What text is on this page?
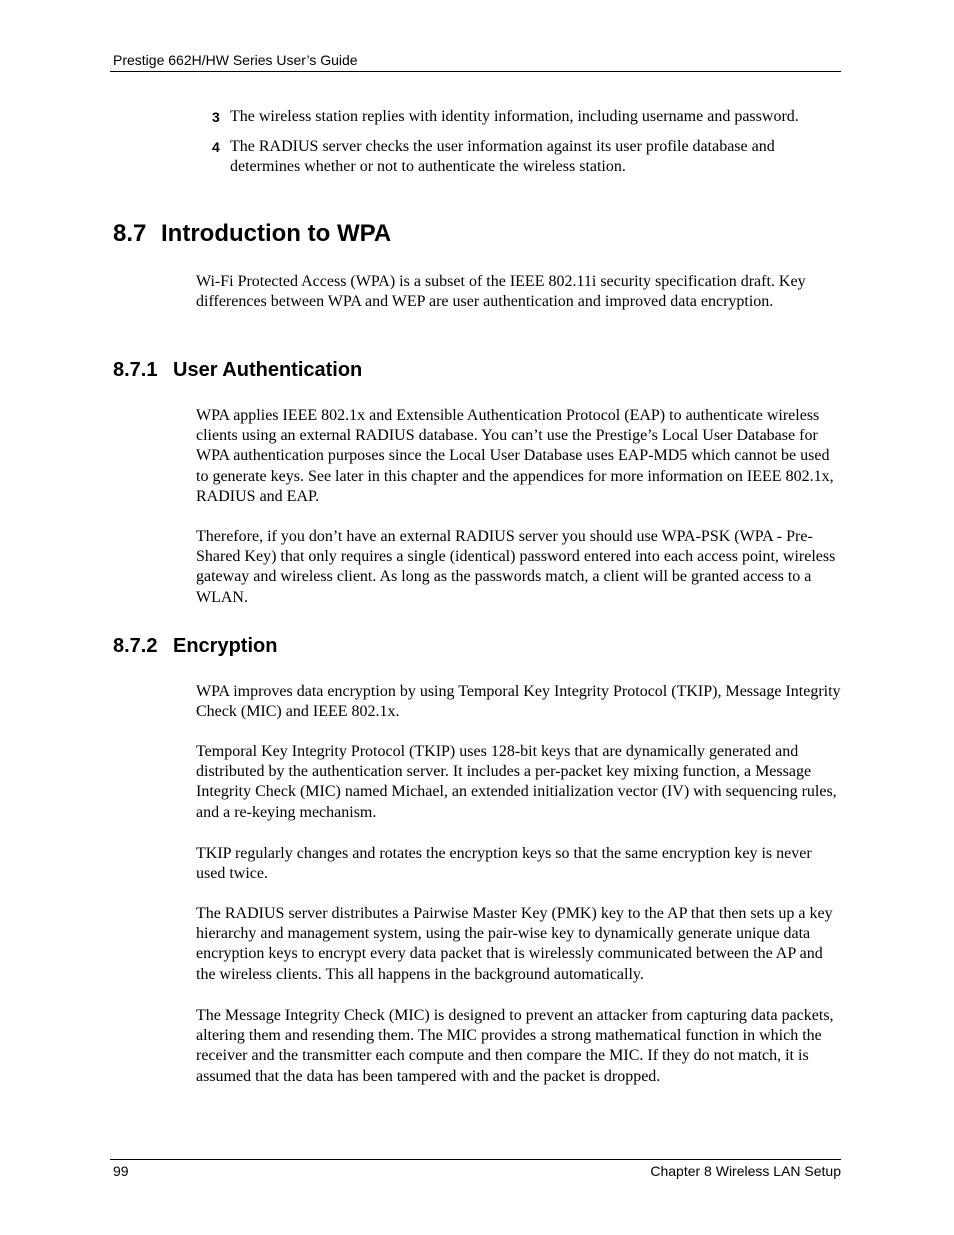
Prestige 662H/HW Series User’s Guide
3 The wireless station replies with identity information, including username and password.
4 The RADIUS server checks the user information against its user profile database and determines whether or not to authenticate the wireless station.
8.7 Introduction to WPA
Wi-Fi Protected Access (WPA) is a subset of the IEEE 802.11i security specification draft. Key differences between WPA and WEP are user authentication and improved data encryption.
8.7.1 User Authentication
WPA applies IEEE 802.1x and Extensible Authentication Protocol (EAP) to authenticate wireless clients using an external RADIUS database. You can’t use the Prestige’s Local User Database for WPA authentication purposes since the Local User Database uses EAP-MD5 which cannot be used to generate keys. See later in this chapter and the appendices for more information on IEEE 802.1x, RADIUS and EAP.
Therefore, if you don’t have an external RADIUS server you should use WPA-PSK (WPA - Pre-Shared Key) that only requires a single (identical) password entered into each access point, wireless gateway and wireless client. As long as the passwords match, a client will be granted access to a WLAN.
8.7.2 Encryption
WPA improves data encryption by using Temporal Key Integrity Protocol (TKIP), Message Integrity Check (MIC) and IEEE 802.1x.
Temporal Key Integrity Protocol (TKIP) uses 128-bit keys that are dynamically generated and distributed by the authentication server. It includes a per-packet key mixing function, a Message Integrity Check (MIC) named Michael, an extended initialization vector (IV) with sequencing rules, and a re-keying mechanism.
TKIP regularly changes and rotates the encryption keys so that the same encryption key is never used twice.
The RADIUS server distributes a Pairwise Master Key (PMK) key to the AP that then sets up a key hierarchy and management system, using the pair-wise key to dynamically generate unique data encryption keys to encrypt every data packet that is wirelessly communicated between the AP and the wireless clients. This all happens in the background automatically.
The Message Integrity Check (MIC) is designed to prevent an attacker from capturing data packets, altering them and resending them. The MIC provides a strong mathematical function in which the receiver and the transmitter each compute and then compare the MIC. If they do not match, it is assumed that the data has been tampered with and the packet is dropped.
99	Chapter 8 Wireless LAN Setup
